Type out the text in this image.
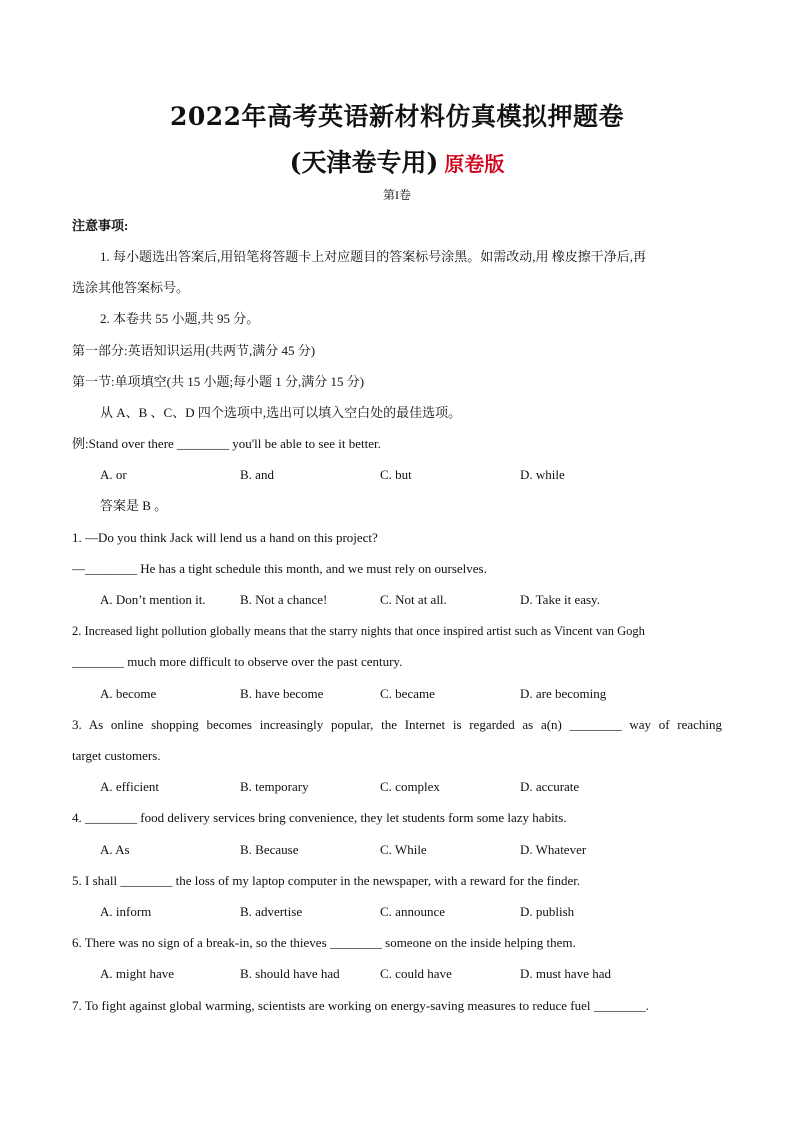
2022年高考英语新材料仿真模拟押题卷
(天津卷专用) 原卷版
第I卷
注意事项:
1. 每小题选出答案后,用铅笔将答题卡上对应题目的答案标号涂黑。如需改动,用 橡皮擦干净后,再
选涂其他答案标号。
2. 本卷共 55 小题,共 95 分。
第一部分:英语知识运用(共两节,满分 45 分)
第一节:单项填空(共 15 小题;每小题 1 分,满分 15 分)
从 A、B 、C、D 四个选项中,选出可以填入空白处的最佳选项。
例:Stand over there ________ you'll be able to see it better.
A. or	B. and	C. but	D. while
答案是 B 。
1. —Do you think Jack will lend us a hand on this project?
—________ He has a tight schedule this month, and we must rely on ourselves.
A. Don’t mention it.	B. Not a chance!	C. Not at all.	D. Take it easy.
2. Increased light pollution globally means that the starry nights that once inspired artist such as Vincent van Gogh
________ much more difficult to observe over the past century.
A. become	B. have become	C. became	D. are becoming
3. As online shopping becomes increasingly popular, the Internet is regarded as a(n) ________ way of reaching
target customers.
A. efficient	B. temporary	C. complex	D. accurate
4. ________ food delivery services bring convenience, they let students form some lazy habits.
A. As	B. Because	C. While	D. Whatever
5. I shall ________ the loss of my laptop computer in the newspaper, with a reward for the finder.
A. inform	B. advertise	C. announce	D. publish
6. There was no sign of a break-in, so the thieves ________ someone on the inside helping them.
A. might have	B. should have had	C. could have	D. must have had
7. To fight against global warming, scientists are working on energy-saving measures to reduce fuel ________.
